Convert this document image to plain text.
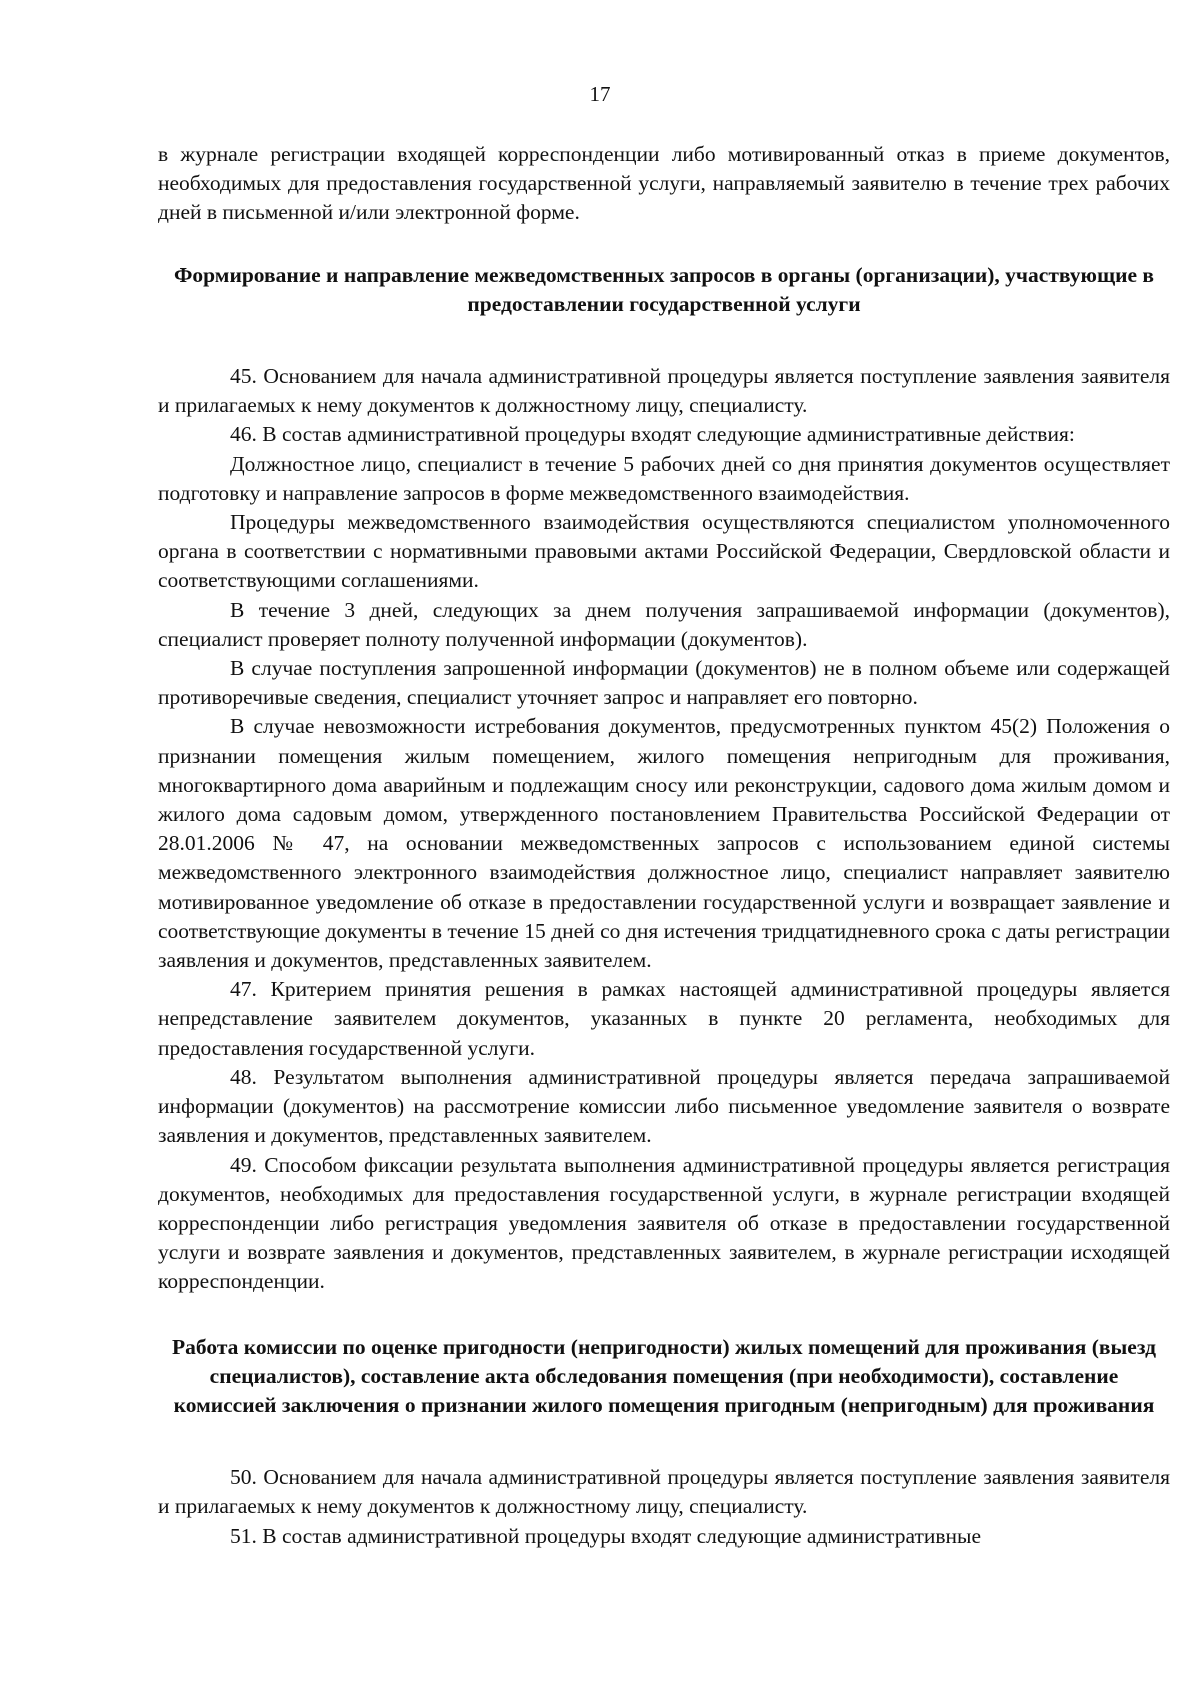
17

в журнале регистрации входящей корреспонденции либо мотивированный отказ в приеме документов, необходимых для предоставления государственной услуги, направляемый заявителю в течение трех рабочих дней в письменной и/или электронной форме.

Формирование и направление межведомственных запросов в органы (организации), участвующие в предоставлении государственной услуги

45. Основанием для начала административной процедуры является поступление заявления заявителя и прилагаемых к нему документов к должностному лицу, специалисту.

46. В состав административной процедуры входят следующие административные действия:

Должностное лицо, специалист в течение 5 рабочих дней со дня принятия документов осуществляет подготовку и направление запросов в форме межведомственного взаимодействия.

Процедуры межведомственного взаимодействия осуществляются специалистом уполномоченного органа в соответствии с нормативными правовыми актами Российской Федерации, Свердловской области и соответствующими соглашениями.

В течение 3 дней, следующих за днем получения запрашиваемой информации (документов), специалист проверяет полноту полученной информации (документов).

В случае поступления запрошенной информации (документов) не в полном объеме или содержащей противоречивые сведения, специалист уточняет запрос и направляет его повторно.

В случае невозможности истребования документов, предусмотренных пунктом 45(2) Положения о признании помещения жилым помещением, жилого помещения непригодным для проживания, многоквартирного дома аварийным и подлежащим сносу или реконструкции, садового дома жилым домом и жилого дома садовым домом, утвержденного постановлением Правительства Российской Федерации от 28.01.2006 № 47, на основании межведомственных запросов с использованием единой системы межведомственного электронного взаимодействия должностное лицо, специалист направляет заявителю мотивированное уведомление об отказе в предоставлении государственной услуги и возвращает заявление и соответствующие документы в течение 15 дней со дня истечения тридцатидневного срока с даты регистрации заявления и документов, представленных заявителем.

47. Критерием принятия решения в рамках настоящей административной процедуры является непредставление заявителем документов, указанных в пункте 20 регламента, необходимых для предоставления государственной услуги.

48. Результатом выполнения административной процедуры является передача запрашиваемой информации (документов) на рассмотрение комиссии либо письменное уведомление заявителя о возврате заявления и документов, представленных заявителем.

49. Способом фиксации результата выполнения административной процедуры является регистрация документов, необходимых для предоставления государственной услуги, в журнале регистрации входящей корреспонденции либо регистрация уведомления заявителя об отказе в предоставлении государственной услуги и возврате заявления и документов, представленных заявителем, в журнале регистрации исходящей корреспонденции.

Работа комиссии по оценке пригодности (непригодности) жилых помещений для проживания (выезд специалистов), составление акта обследования помещения (при необходимости), составление комиссией заключения о признании жилого помещения пригодным (непригодным) для проживания

50. Основанием для начала административной процедуры является поступление заявления заявителя и прилагаемых к нему документов к должностному лицу, специалисту.

51. В состав административной процедуры входят следующие административные
